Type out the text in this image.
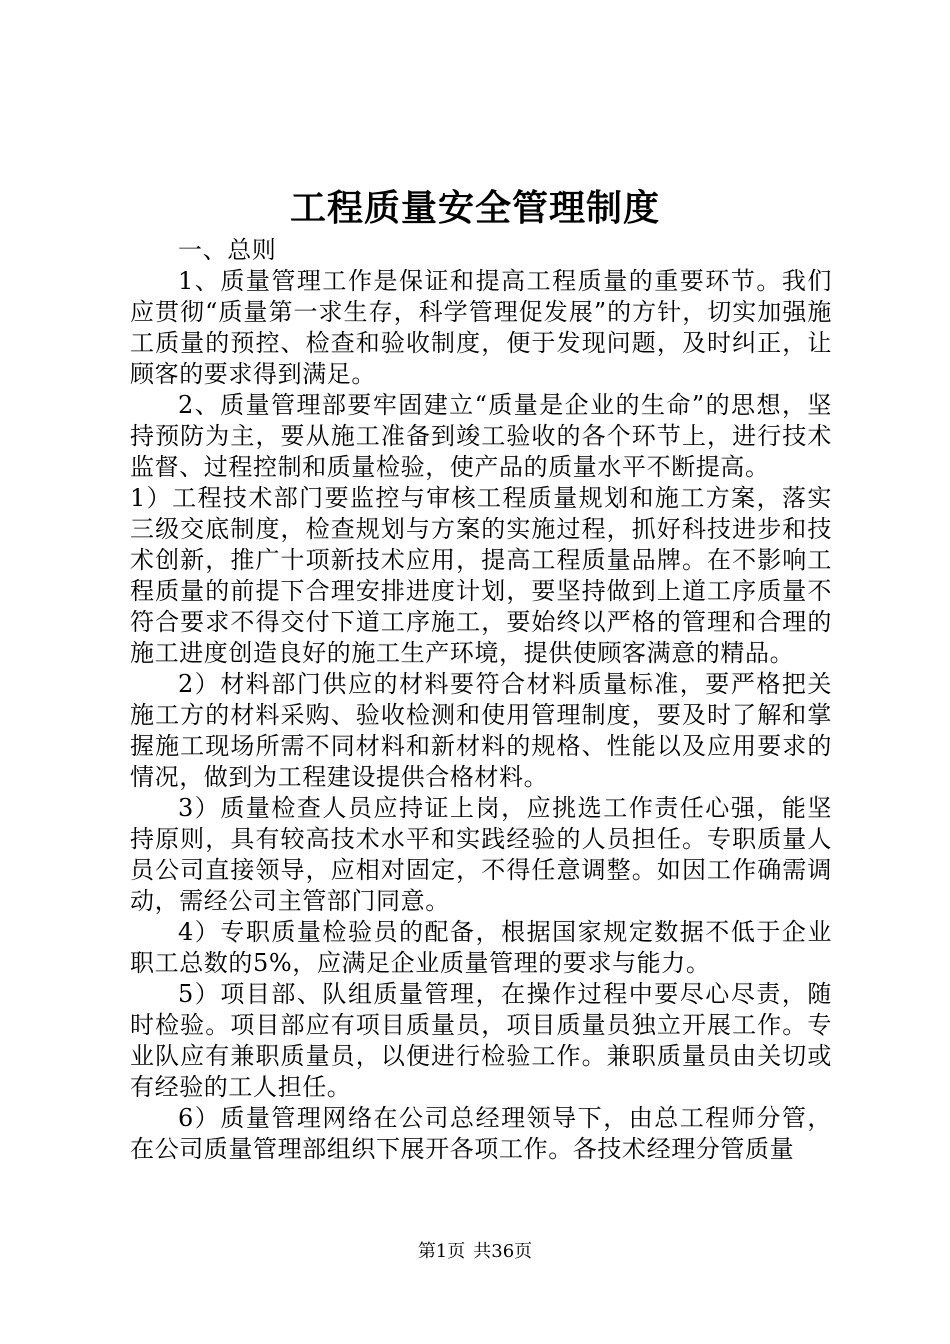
工程质量安全管理制度

一、总则

1、质量管理工作是保证和提高工程质量的重要环节。我们应贯彻“质量第一求生存，科学管理促发展”的方针，切实加强施工质量的预控、检查和验收制度，便于发现问题，及时纠正，让顾客的要求得到满足。

2、质量管理部要牢固建立“质量是企业的生命”的思想，坚持预防为主，要从施工准备到竣工验收的各个环节上，进行技术监督、过程控制和质量检验，使产品的质量水平不断提高。

1）工程技术部门要监控与审核工程质量规划和施工方案，落实三级交底制度，检查规划与方案的实施过程，抓好科技进步和技术创新，推广十项新技术应用，提高工程质量品牌。在不影响工程质量的前提下合理安排进度计划，要坚持做到上道工序质量不符合要求不得交付下道工序施工，要始终以严格的管理和合理的施工进度创造良好的施工生产环境，提供使顾客满意的精品。

2）材料部门供应的材料要符合材料质量标准，要严格把关施工方的材料采购、验收检测和使用管理制度，要及时了解和掌握施工现场所需不同材料和新材料的规格、性能以及应用要求的情况，做到为工程建设提供合格材料。

3）质量检查人员应持证上岗，应挑选工作责任心强，能坚持原则，具有较高技术水平和实践经验的人员担任。专职质量人员公司直接领导，应相对固定，不得任意调整。如因工作确需调动，需经公司主管部门同意。

4）专职质量检验员的配备，根据国家规定数据不低于企业职工总数的5%，应满足企业质量管理的要求与能力。

5）项目部、队组质量管理，在操作过程中要尽心尽责，随时检验。项目部应有项目质量员，项目质量员独立开展工作。专业队应有兼职质量员，以便进行检验工作。兼职质量员由关切或有经验的工人担任。

6）质量管理网络在公司总经理领导下，由总工程师分管，在公司质量管理部组织下展开各项工作。各技术经理分管质量

第1页 共36页
